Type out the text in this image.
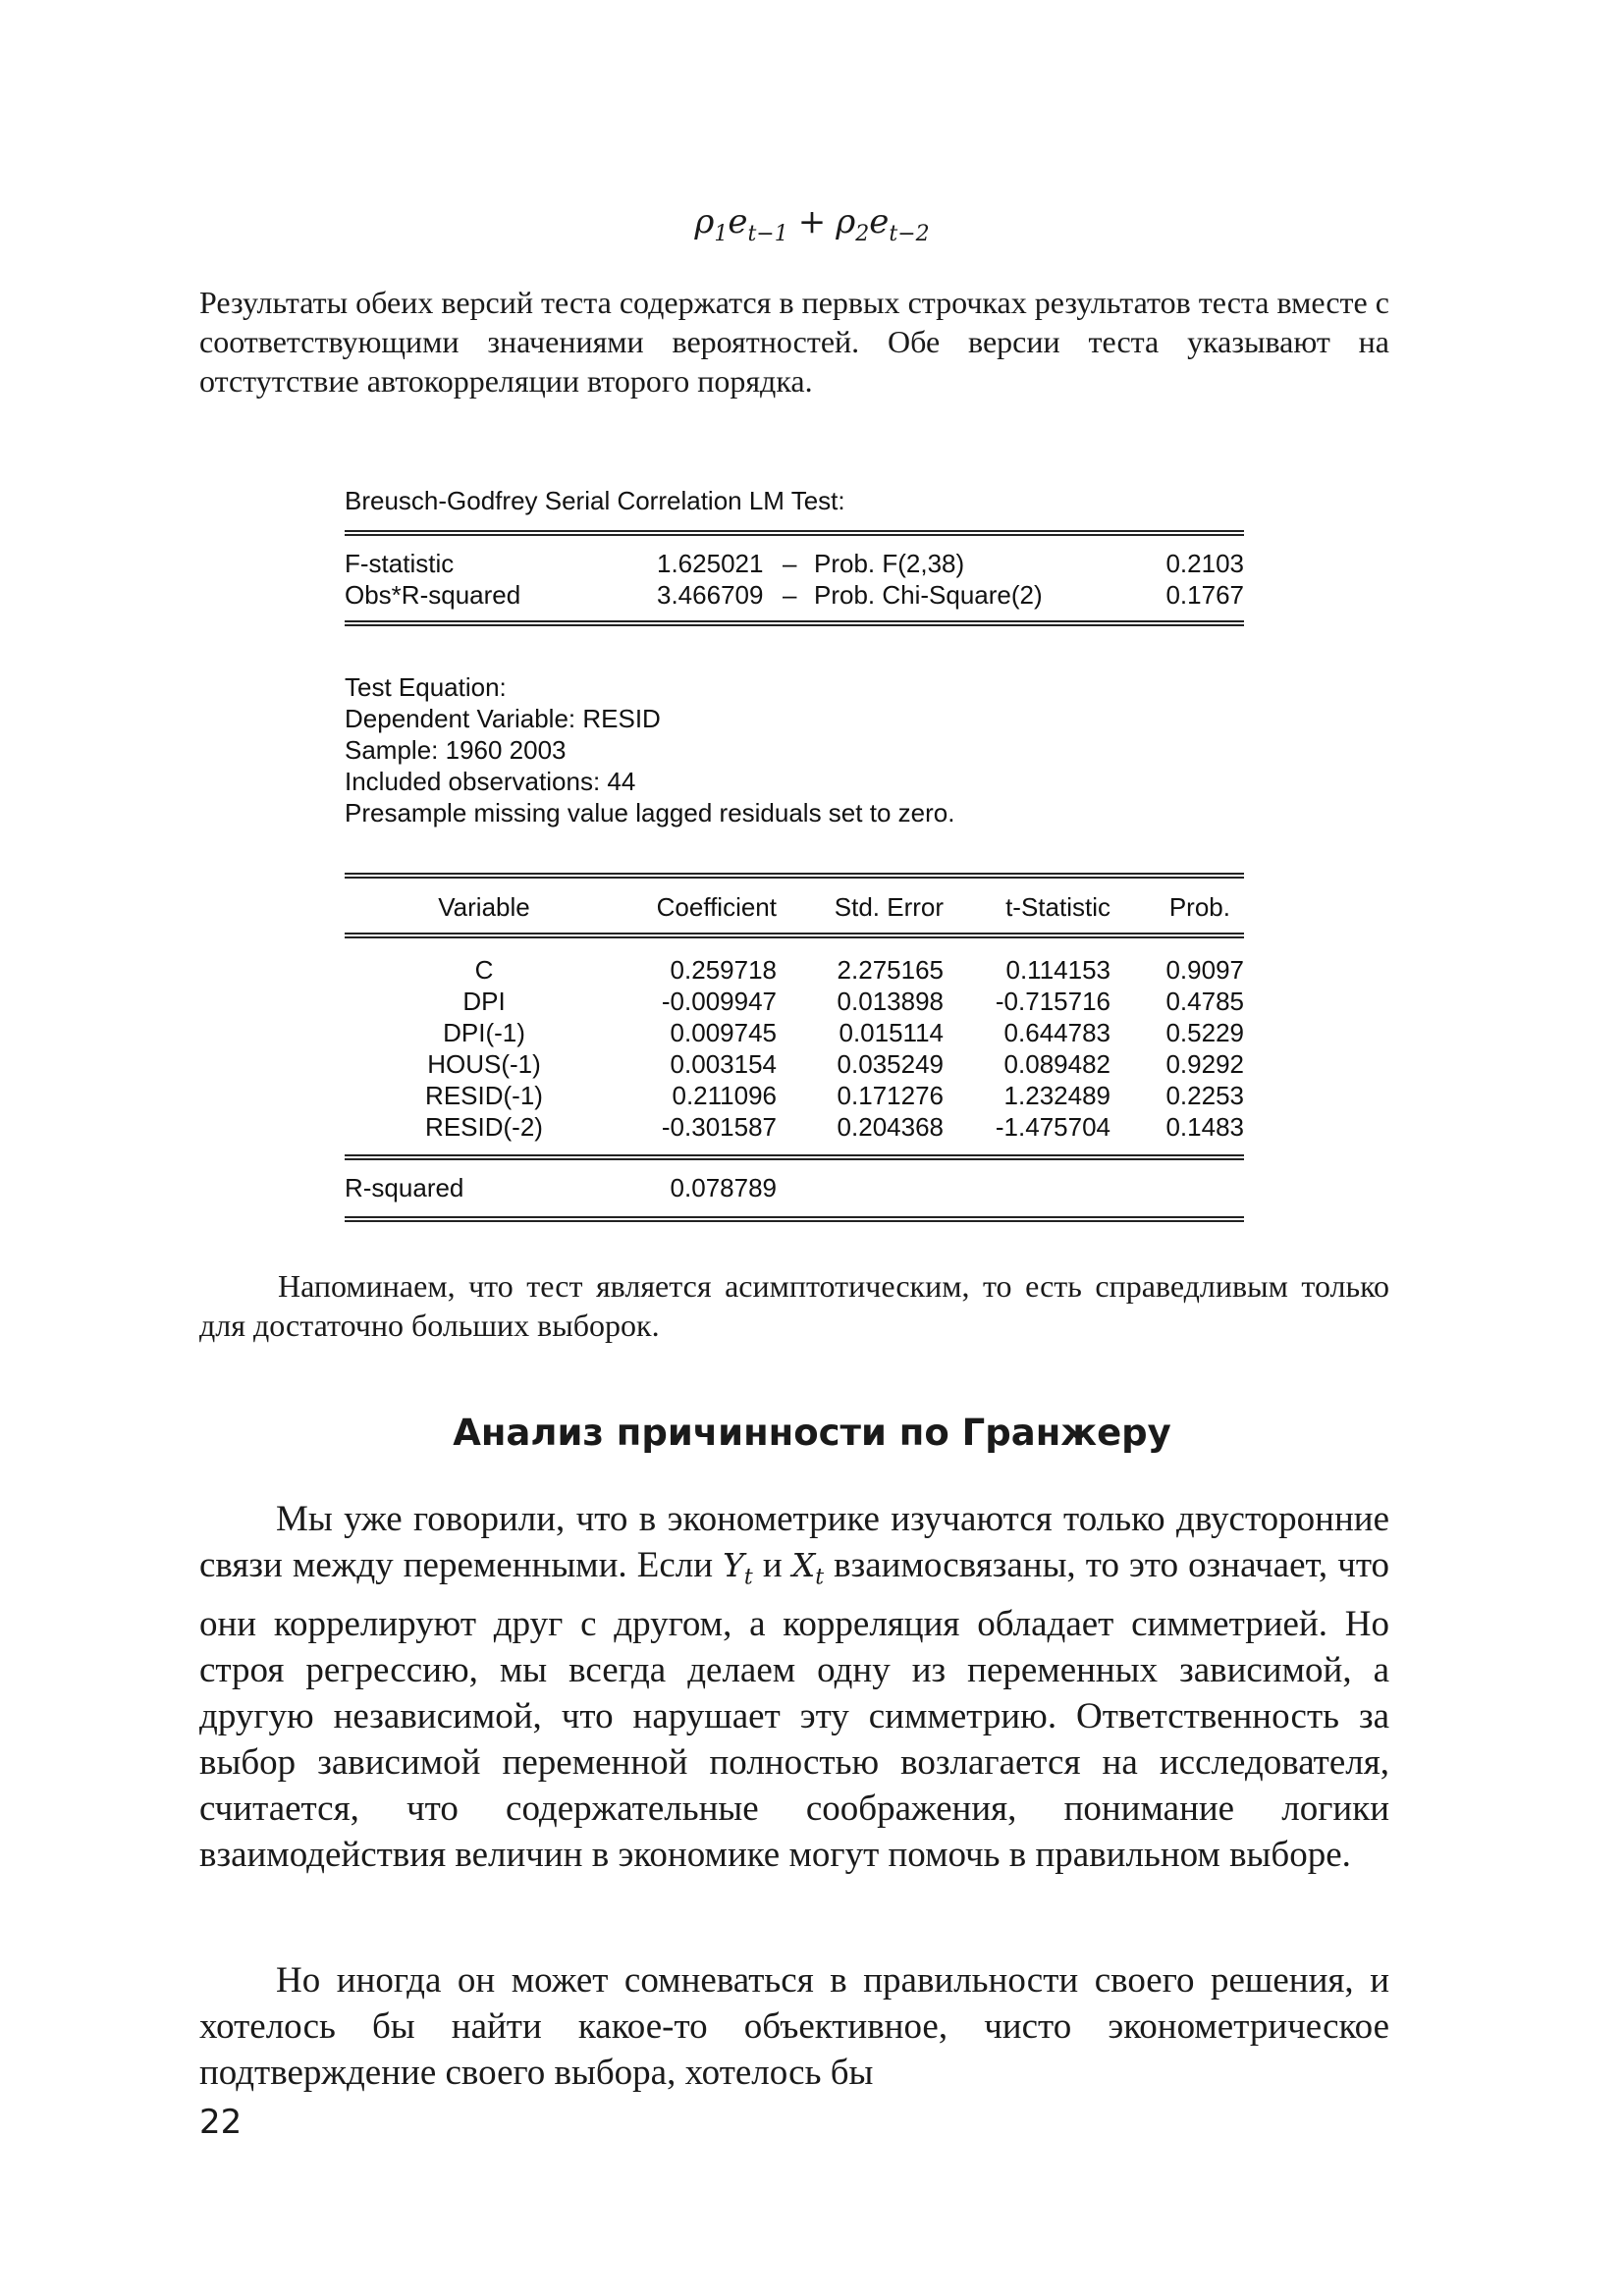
$\rho_1e_{t-1} + \rho_2e_{t-2}$

Результаты обеих версий теста содержатся в первых строчках результатов теста вместе с соответствующими значениями вероятностей. Обе версии теста указывают на отстутствие автокорреляции второго порядка.

Breusch-Godfrey Serial Correlation LM Test:
F-statistic	1.625021 – Prob. F(2,38)	0.2103
Obs*R-squared	3.466709 – Prob. Chi-Square(2)	0.1767
Test Equation:
Dependent Variable: RESID
Sample: 1960 2003
Included observations: 44
Presample missing value lagged residuals set to zero.
Variable	Coefficient	Std. Error	t-Statistic	Prob.
C	0.259718	2.275165	0.114153	0.9097
DPI	-0.009947	0.013898	-0.715716	0.4785
DPI(-1)	0.009745	0.015114	0.644783	0.5229
HOUS(-1)	0.003154	0.035249	0.089482	0.9292
RESID(-1)	0.211096	0.171276	1.232489	0.2253
RESID(-2)	-0.301587	0.204368	-1.475704	0.1483
R-squared	0.078789

Напоминаем, что тест является асимптотическим, то есть справедливым только для достаточно больших выборок.

Анализ причинности по Гранжеру

Мы уже говорили, что в эконометрике изучаются только двусторонние связи между переменными. Если $Y_t$ и $X_t$ взаимосвязаны, то это означает, что они коррелируют друг с другом, а корреляция обладает симметрией. Но строя регрессию, мы всегда делаем одну из переменных зависимой, а другую независимой, что нарушает эту симметрию. Ответственность за выбор зависимой переменной полностью возлагается на исследователя, считается, что содержательные соображения, понимание логики взаимодействия величин в экономике могут помочь в правильном выборе.

Но иногда он может сомневаться в правильности своего решения, и хотелось бы найти какое-то объективное, чисто эконометрическое подтверждение своего выбора, хотелось бы

22
